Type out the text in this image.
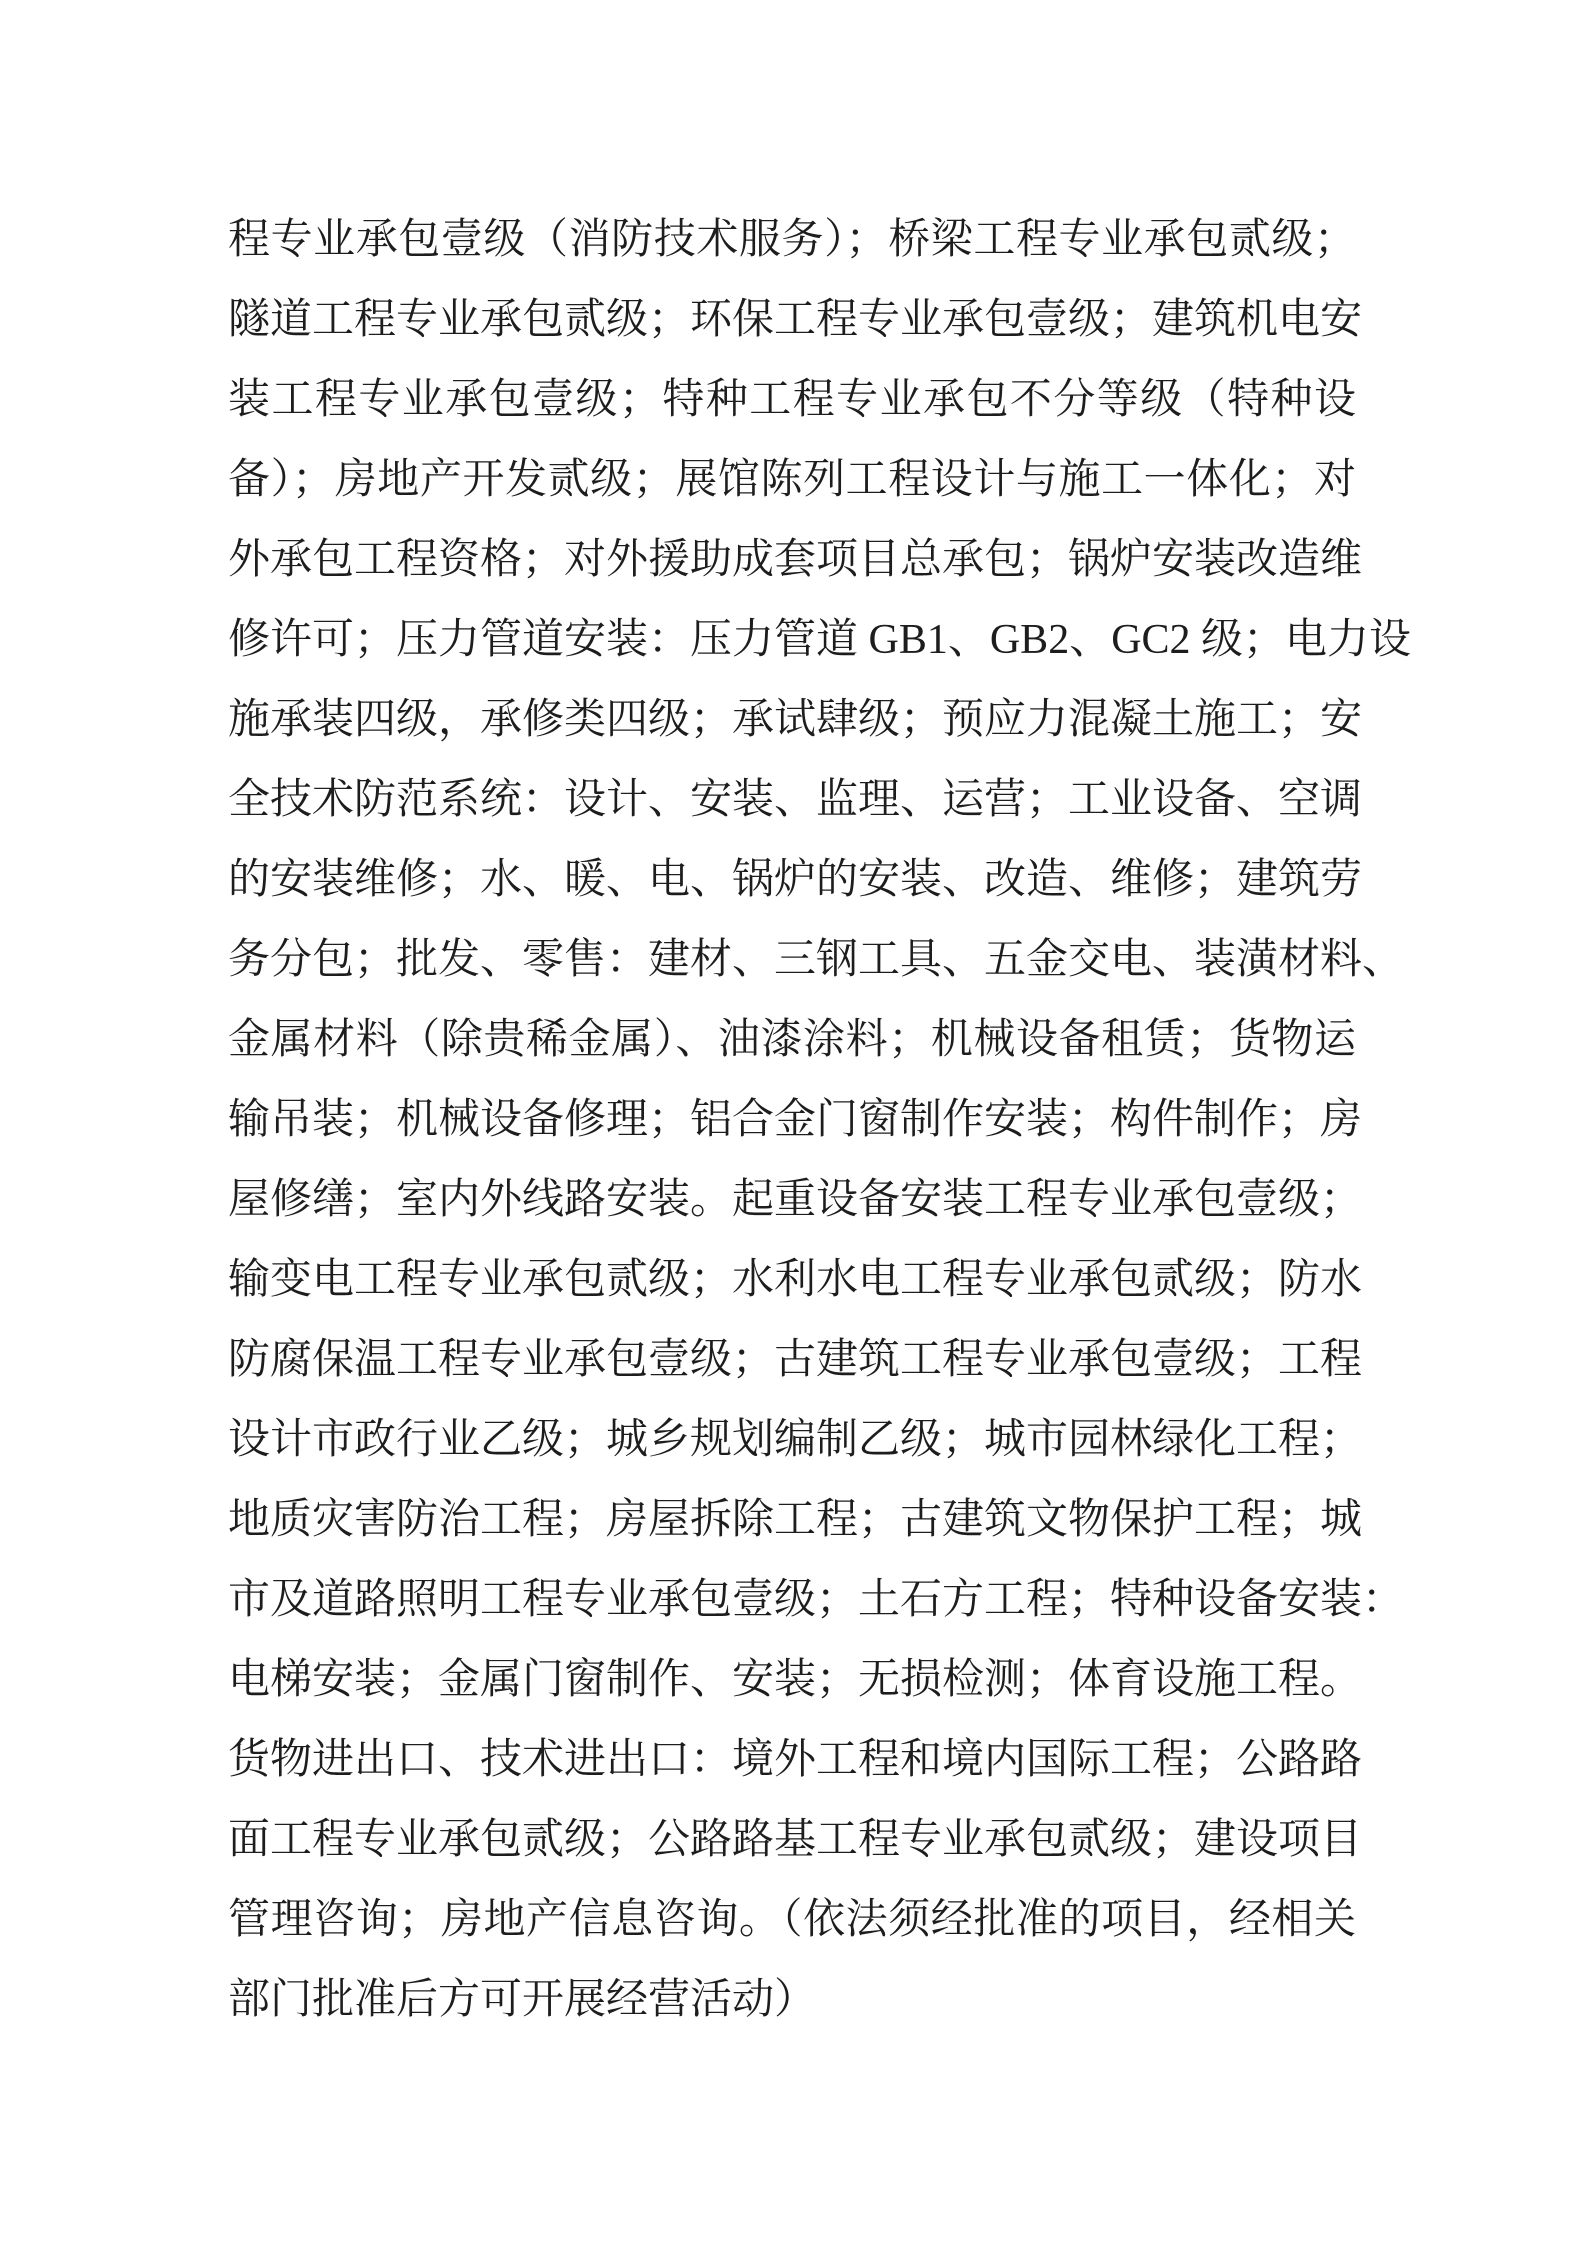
程专业承包壹级（消防技术服务）；桥梁工程专业承包贰级；
隧道工程专业承包贰级；环保工程专业承包壹级；建筑机电安
装工程专业承包壹级；特种工程专业承包不分等级（特种设
备）；房地产开发贰级；展馆陈列工程设计与施工一体化；对
外承包工程资格；对外援助成套项目总承包；锅炉安装改造维
修许可；压力管道安装：压力管道 GB1、GB2、GC2 级；电力设
施承装四级，承修类四级；承试肆级；预应力混凝土施工；安
全技术防范系统：设计、安装、监理、运营；工业设备、空调
的安装维修；水、暖、电、锅炉的安装、改造、维修；建筑劳
务分包；批发、零售：建材、三钢工具、五金交电、装潢材料、
金属材料（除贵稀金属）、油漆涂料；机械设备租赁；货物运
输吊装；机械设备修理；铝合金门窗制作安装；构件制作；房
屋修缮；室内外线路安装。起重设备安装工程专业承包壹级；
输变电工程专业承包贰级；水利水电工程专业承包贰级；防水
防腐保温工程专业承包壹级；古建筑工程专业承包壹级；工程
设计市政行业乙级；城乡规划编制乙级；城市园林绿化工程；
地质灾害防治工程；房屋拆除工程；古建筑文物保护工程；城
市及道路照明工程专业承包壹级；土石方工程；特种设备安装：
电梯安装；金属门窗制作、安装；无损检测；体育设施工程。
货物进出口、技术进出口：境外工程和境内国际工程；公路路
面工程专业承包贰级；公路路基工程专业承包贰级；建设项目
管理咨询；房地产信息咨询。（依法须经批准的项目，经相关
部门批准后方可开展经营活动）
